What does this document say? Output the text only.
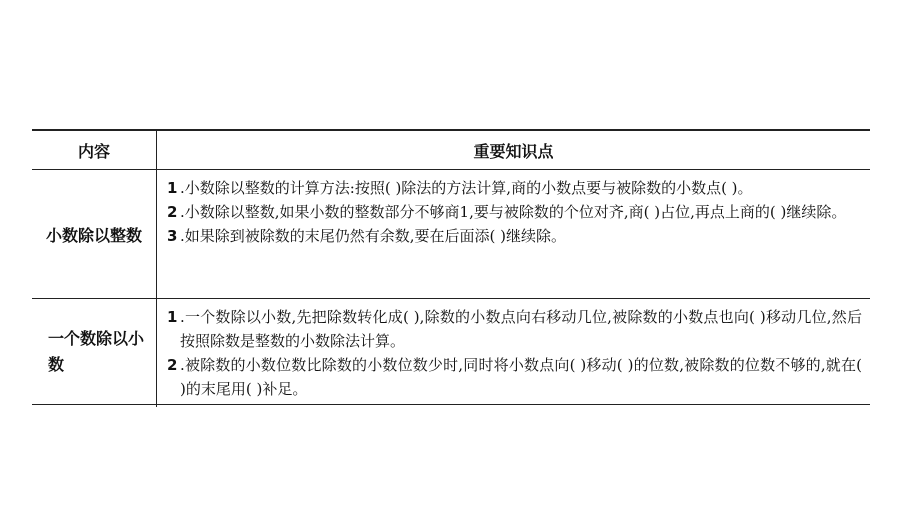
内容	重要知识点
小数除以整数
1 .小数除以整数的计算方法:按照( )除法的方法计算,商的小数点要与被除数的小数点( )。
2 .小数除以整数,如果小数的整数部分不够商1,要与被除数的个位对齐,商( )占位,再点上商的( )继续除。
3 .如果除到被除数的末尾仍然有余数,要在后面添( )继续除。
一个数除以小数
1 .一个数除以小数,先把除数转化成( ),除数的小数点向右移动几位,被除数的小数点也向( )移动几位,然后按照除数是整数的小数除法计算。
2 .被除数的小数位数比除数的小数位数少时,同时将小数点向( )移动( )的位数,被除数的位数不够的,就在( )的末尾用( )补足。
